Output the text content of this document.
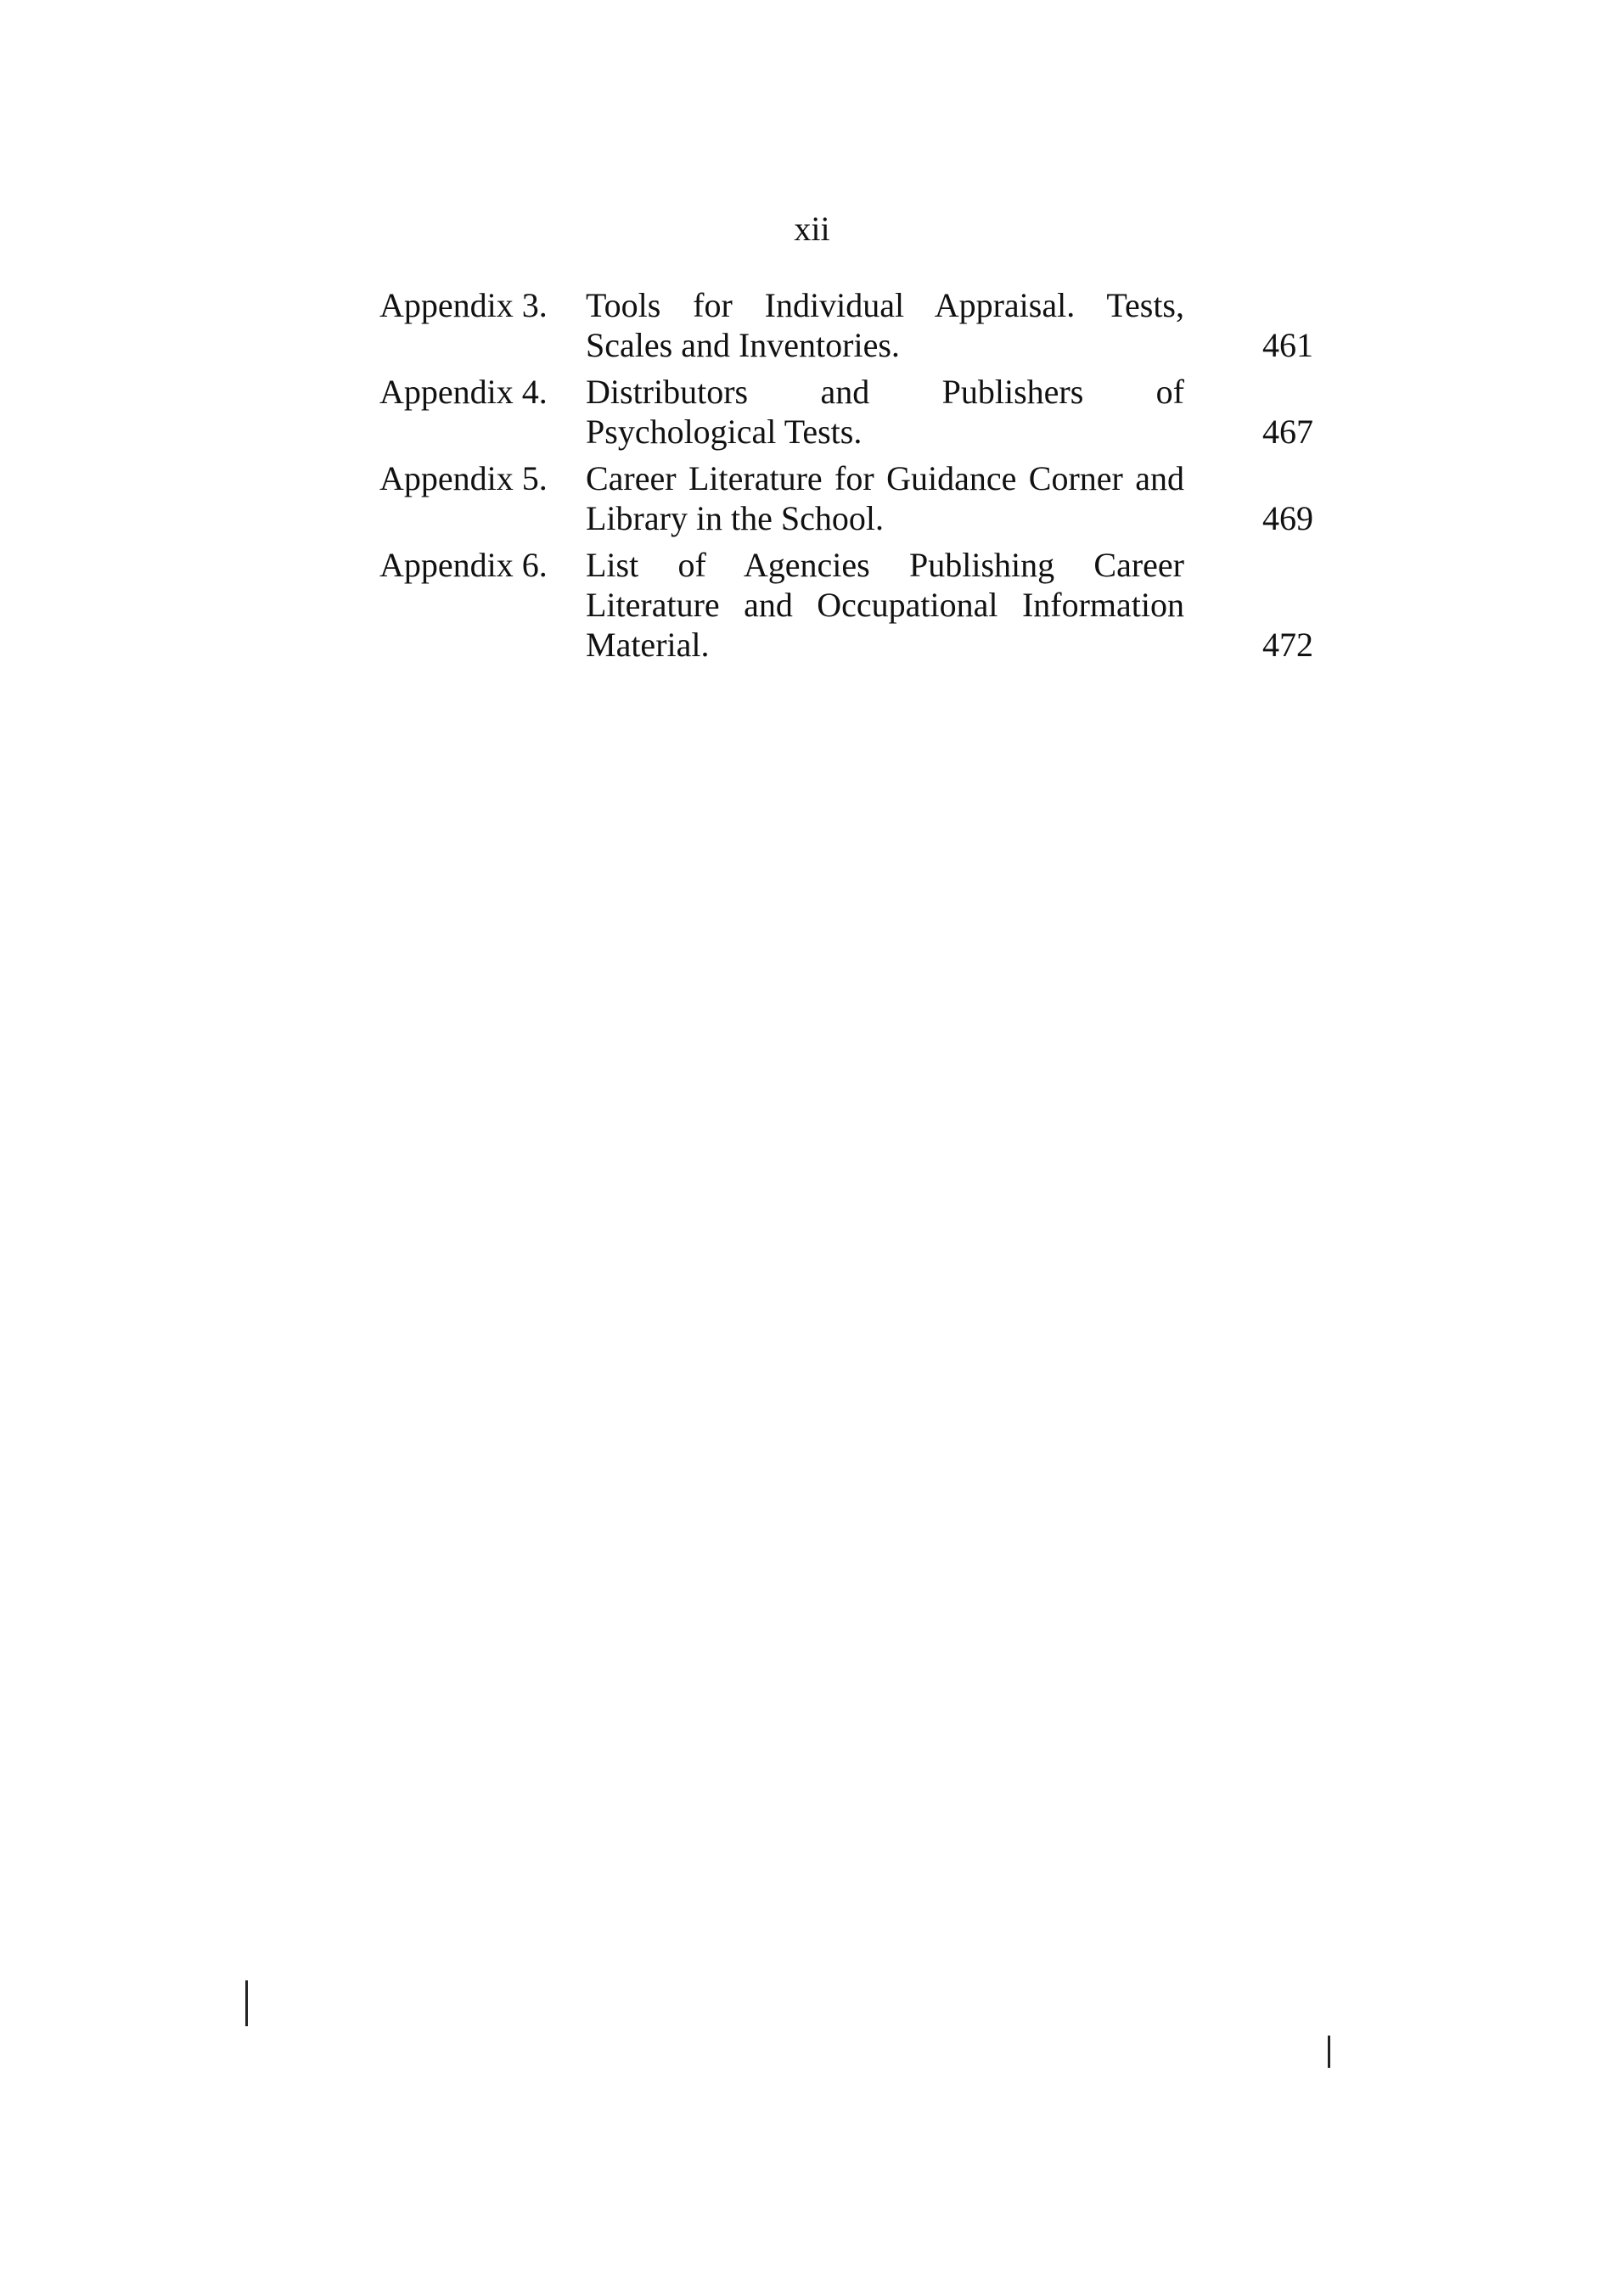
xii
Appendix 3.	Tools for Individual Appraisal. Tests, Scales and Inventories.	461
Appendix 4.	Distributors and Publishers of Psychological Tests.	467
Appendix 5.	Career Literature for Guidance Corner and Library in the School.	469
Appendix 6.	List of Agencies Publishing Career Literature and Occupational Information Material.	472
